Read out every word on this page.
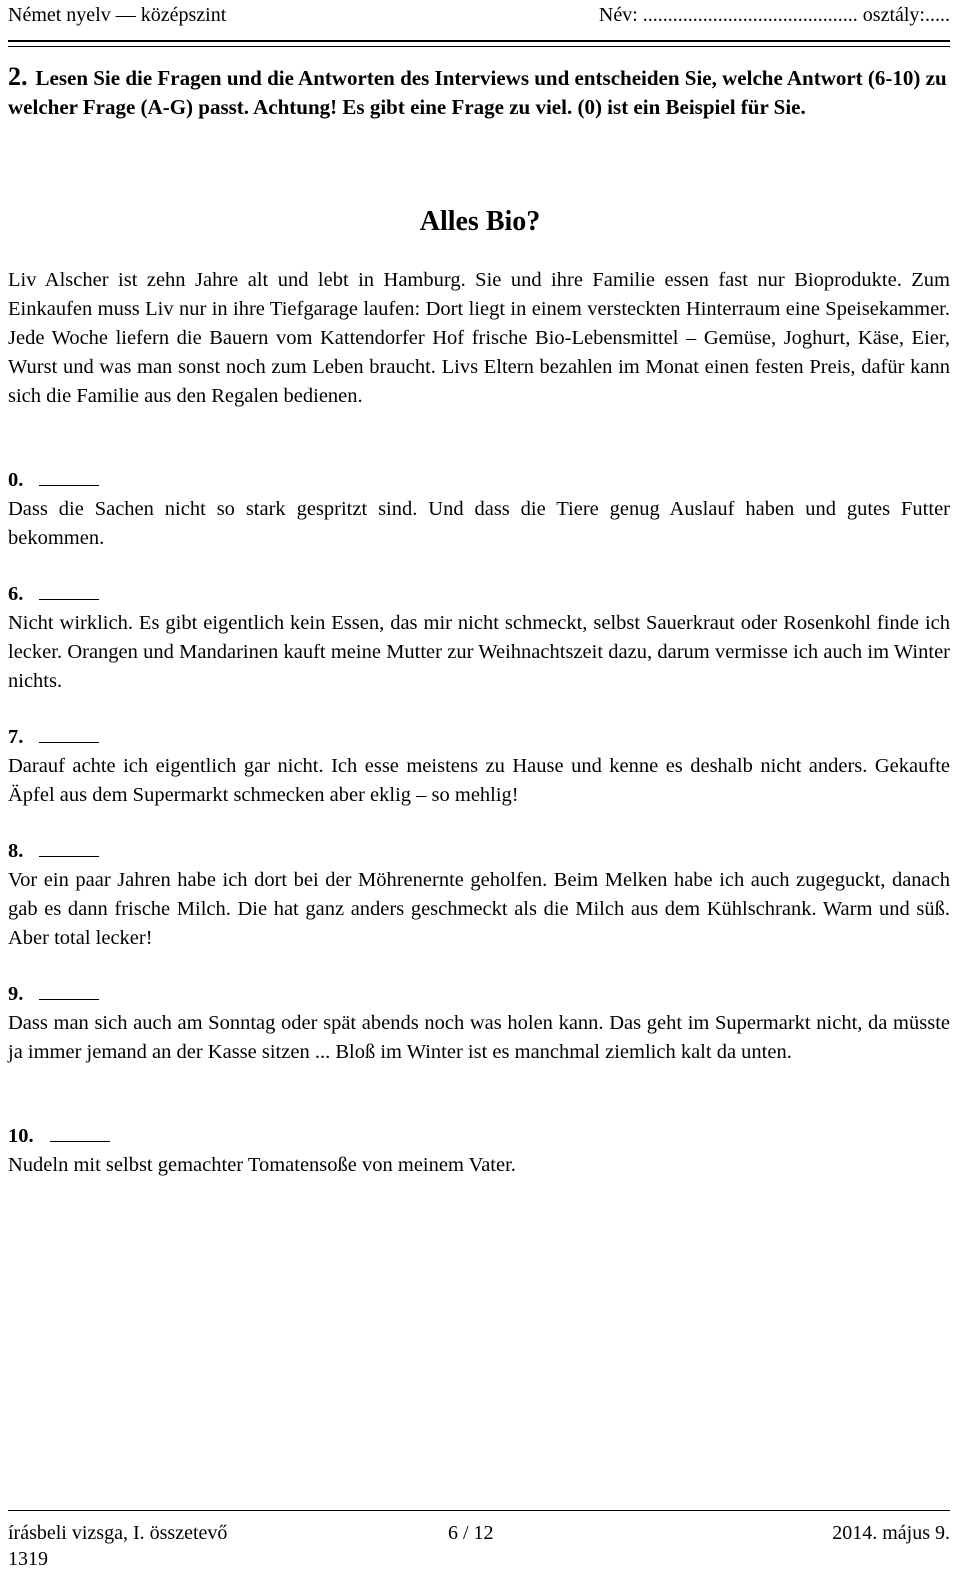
Német nyelv — középszint	Név: ........................................... osztály:.....
2. Lesen Sie die Fragen und die Antworten des Interviews und entscheiden Sie, welche Antwort (6-10) zu welcher Frage (A-G) passt. Achtung! Es gibt eine Frage zu viel. (0) ist ein Beispiel für Sie.
Alles Bio?
Liv Alscher ist zehn Jahre alt und lebt in Hamburg. Sie und ihre Familie essen fast nur Bioprodukte. Zum Einkaufen muss Liv nur in ihre Tiefgarage laufen: Dort liegt in einem versteckten Hinterraum eine Speisekammer. Jede Woche liefern die Bauern vom Kattendorfer Hof frische Bio-Lebensmittel – Gemüse, Joghurt, Käse, Eier, Wurst und was man sonst noch zum Leben braucht. Livs Eltern bezahlen im Monat einen festen Preis, dafür kann sich die Familie aus den Regalen bedienen.
0.
Dass die Sachen nicht so stark gespritzt sind. Und dass die Tiere genug Auslauf haben und gutes Futter bekommen.
6.
Nicht wirklich. Es gibt eigentlich kein Essen, das mir nicht schmeckt, selbst Sauerkraut oder Rosenkohl finde ich lecker. Orangen und Mandarinen kauft meine Mutter zur Weihnachtszeit dazu, darum vermisse ich auch im Winter nichts.
7.
Darauf achte ich eigentlich gar nicht. Ich esse meistens zu Hause und kenne es deshalb nicht anders. Gekaufte Äpfel aus dem Supermarkt schmecken aber eklig – so mehlig!
8.
Vor ein paar Jahren habe ich dort bei der Möhrenernte geholfen. Beim Melken habe ich auch zugeguckt, danach gab es dann frische Milch. Die hat ganz anders geschmeckt als die Milch aus dem Kühlschrank. Warm und süß. Aber total lecker!
9.
Dass man sich auch am Sonntag oder spät abends noch was holen kann. Das geht im Supermarkt nicht, da müsste ja immer jemand an der Kasse sitzen ... Bloß im Winter ist es manchmal ziemlich kalt da unten.
10.
Nudeln mit selbst gemachter Tomatensoße von meinem Vater.
írásbeli vizsga, I. összetevő	6 / 12	2014. május 9.
1319
